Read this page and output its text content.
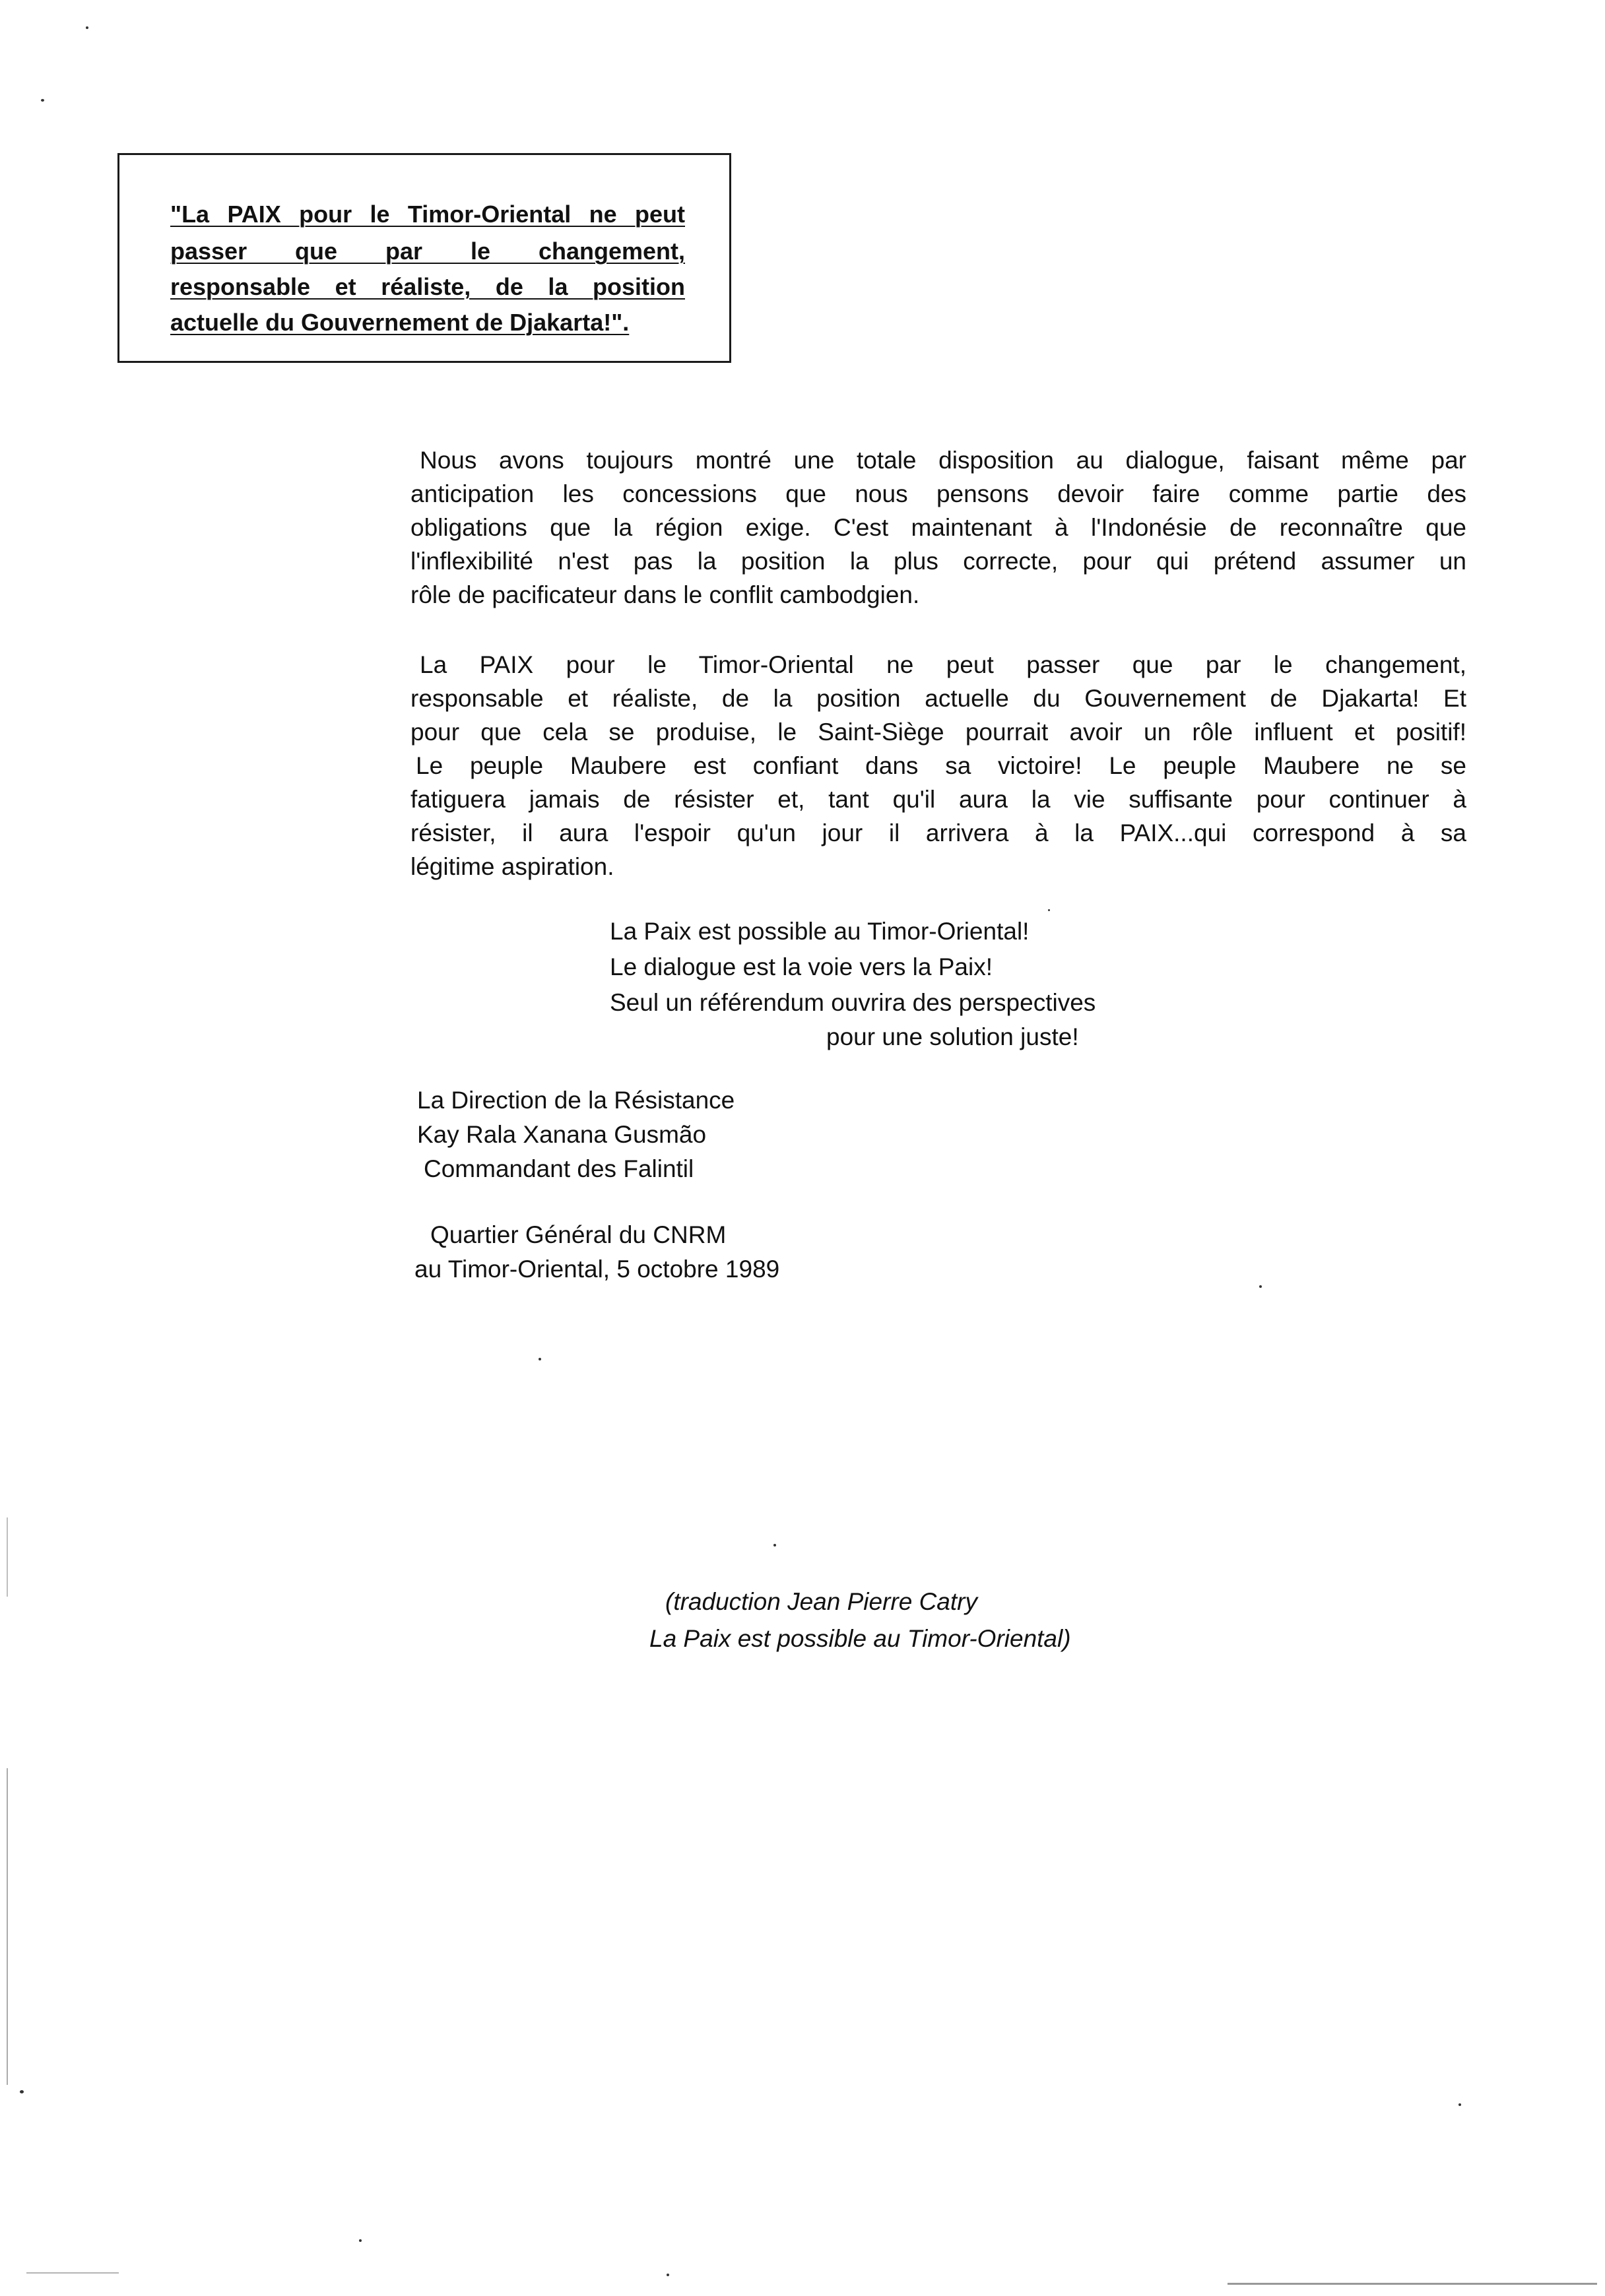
"La PAIX pour le Timor-Oriental ne peut
passer que par le changement,
responsable et réaliste, de la position
actuelle du Gouvernement de Djakarta!".
Nous avons toujours montré une totale disposition au dialogue, faisant même par
anticipation les concessions que nous pensons devoir faire comme partie des
obligations que la région exige. C'est maintenant à l'Indonésie de reconnaître que
l'inflexibilité n'est pas la position la plus correcte, pour qui prétend assumer un
rôle de pacificateur dans le conflit cambodgien.
La PAIX pour le Timor-Oriental ne peut passer que par le changement,
responsable et réaliste, de la position actuelle du Gouvernement de Djakarta! Et
pour que cela se produise, le Saint-Siège pourrait avoir un rôle influent et positif!
Le peuple Maubere est confiant dans sa victoire! Le peuple Maubere ne se
fatiguera jamais de résister et, tant qu'il aura la vie suffisante pour continuer à
résister, il aura l'espoir qu'un jour il arrivera à la PAIX...qui correspond à sa
légitime aspiration.
La Paix est possible au Timor-Oriental!
Le dialogue est la voie vers la Paix!
Seul un référendum ouvrira des perspectives
pour une solution juste!
La Direction de la Résistance
Kay Rala Xanana Gusmão
Commandant des Falintil
Quartier Général du CNRM
au Timor-Oriental, 5 octobre 1989
(traduction Jean Pierre Catry
La Paix est possible au Timor-Oriental)
